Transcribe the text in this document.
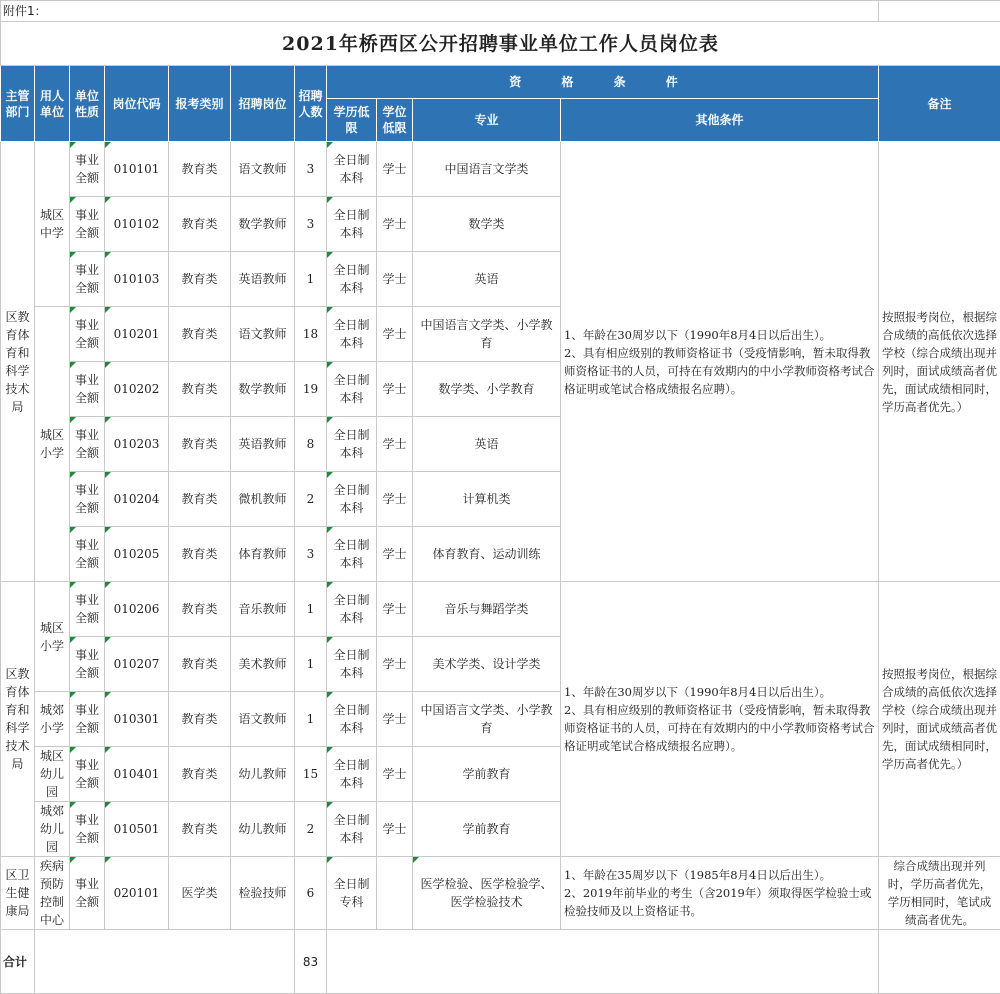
附件1：											
2021年桥西区公开招聘事业单位工作人员岗位表											
主管部门	用人单位	单位性质	岗位代码	报考类别	招聘岗位	招聘人数	资 格 条 件				备注
							学历低限	学位低限	专业	其他条件	
区教育体育和科学技术局	城区中学	事业全额	010101	教育类	语文教师	3	全日制本科	学士	中国语言文学类	1、年龄在30周岁以下（1990年8月4日以后出生）。
2、具有相应级别的教师资格证书（受疫情影响，暂未取得教师资格证书的人员，可持在有效期内的中小学教师资格考试合格证明或笔试合格成绩报名应聘）。	按照报考岗位，根据综合成绩的高低依次选择学校（综合成绩出现并列时，面试成绩高者优先，面试成绩相同时，学历高者优先。）
		事业全额	010102	教育类	数学教师	3	全日制本科	学士	数学类		
		事业全额	010103	教育类	英语教师	1	全日制本科	学士	英语		
	城区小学	事业全额	010201	教育类	语文教师	18	全日制本科	学士	中国语言文学类、小学教育		
		事业全额	010202	教育类	数学教师	19	全日制本科	学士	数学类、小学教育		
		事业全额	010203	教育类	英语教师	8	全日制本科	学士	英语		
		事业全额	010204	教育类	微机教师	2	全日制本科	学士	计算机类		
		事业全额	010205	教育类	体育教师	3	全日制本科	学士	体育教育、运动训练		
区教育体育和科学技术局	城区小学	事业全额	010206	教育类	音乐教师	1	全日制本科	学士	音乐与舞蹈学类	1、年龄在30周岁以下（1990年8月4日以后出生）。
2、具有相应级别的教师资格证书（受疫情影响，暂未取得教师资格证书的人员，可持在有效期内的中小学教师资格考试合格证明或笔试合格成绩报名应聘）。	按照报考岗位，根据综合成绩的高低依次选择学校（综合成绩出现并列时，面试成绩高者优先，面试成绩相同时，学历高者优先。）
		事业全额	010207	教育类	美术教师	1	全日制本科	学士	美术学类、设计学类		
	城郊小学	事业全额	010301	教育类	语文教师	1	全日制本科	学士	中国语言文学类、小学教育		
	城区幼儿园	事业全额	010401	教育类	幼儿教师	15	全日制本科	学士	学前教育		
	城郊幼儿园	事业全额	010501	教育类	幼儿教师	2	全日制本科	学士	学前教育		
区卫生健康局	疾病预防控制中心	事业全额	020101	医学类	检验技师	6	全日制专科		医学检验、医学检验学、医学检验技术	1、年龄在35周岁以下（1985年8月4日以后出生）。
2、2019年前毕业的考生（含2019年）须取得医学检验士或检验技师及以上资格证书。	综合成绩出现并列时，学历高者优先，学历相同时，笔试成绩高者优先。
合计						83					
